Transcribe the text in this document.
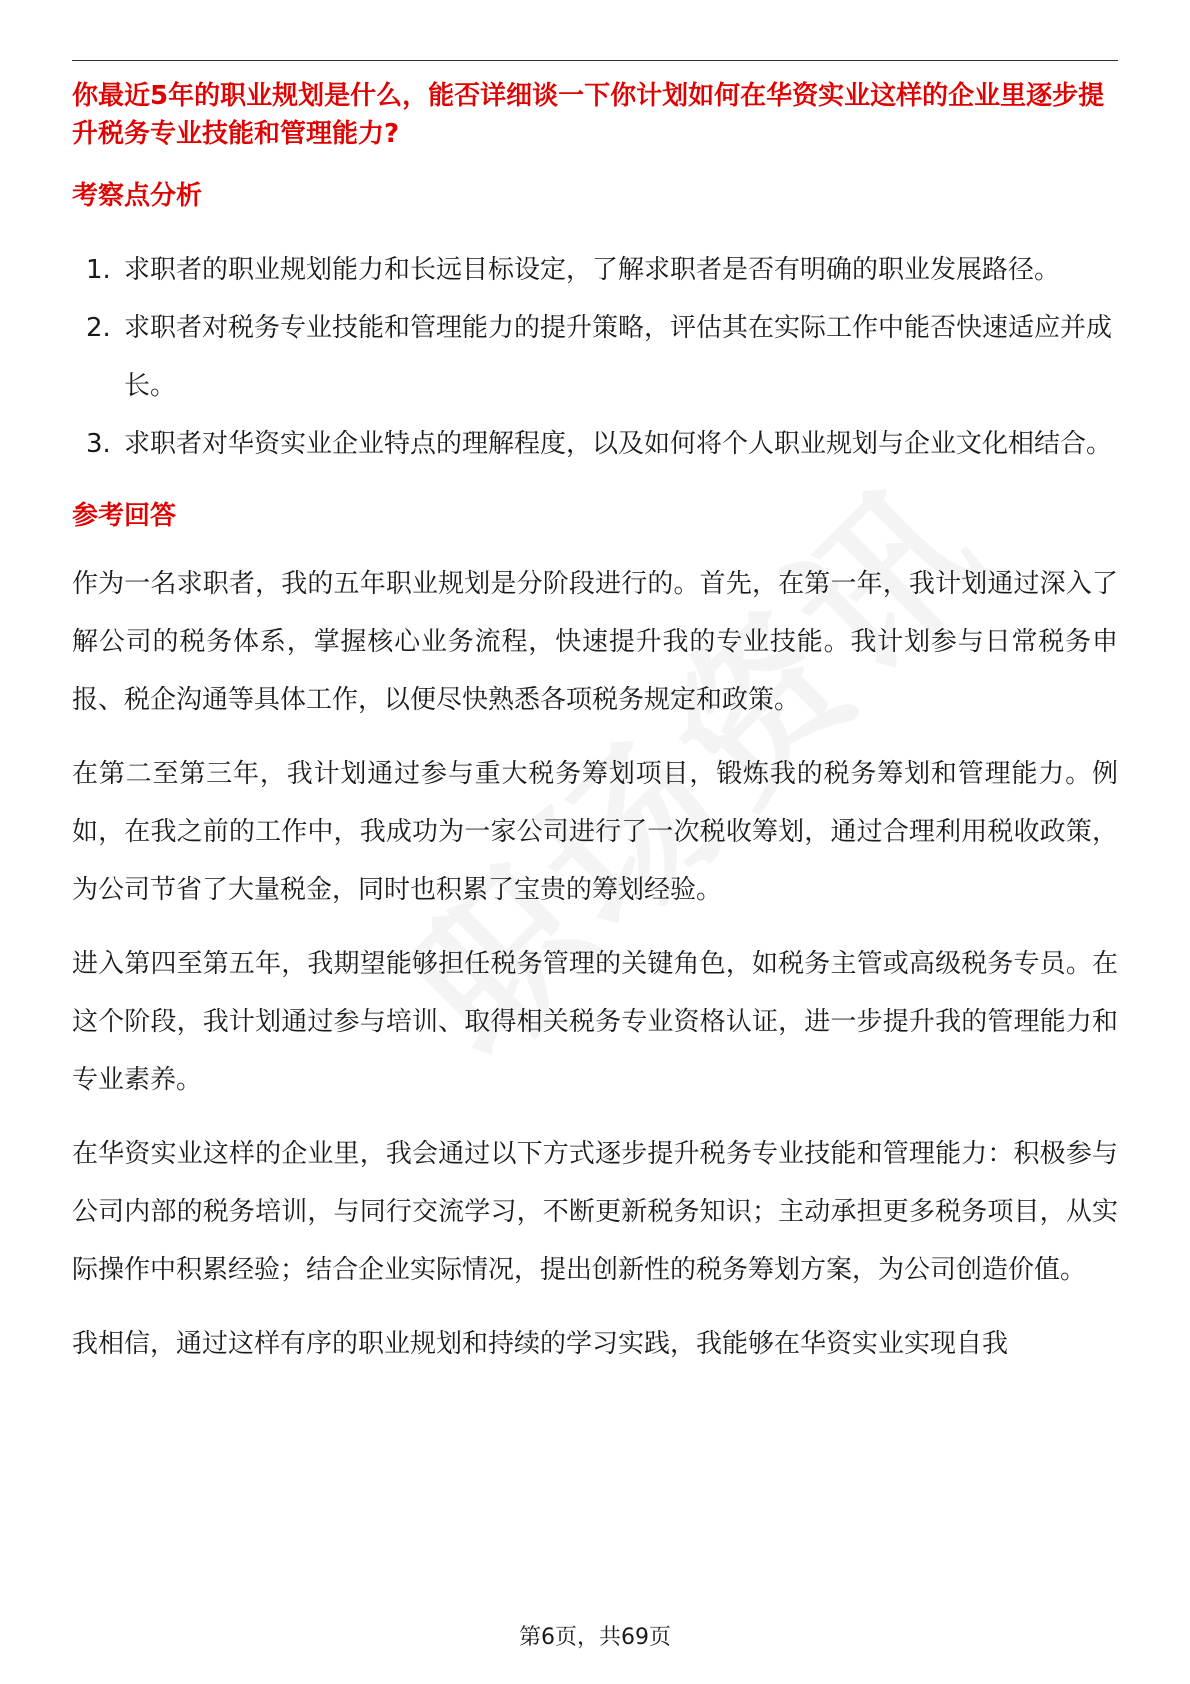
你最近5年的职业规划是什么，能否详细谈一下你计划如何在华资实业这样的企业里逐步提升税务专业技能和管理能力?

考察点分析

1. 求职者的职业规划能力和长远目标设定，了解求职者是否有明确的职业发展路径。
2. 求职者对税务专业技能和管理能力的提升策略，评估其在实际工作中能否快速适应并成长。
3. 求职者对华资实业企业特点的理解程度，以及如何将个人职业规划与企业文化相结合。

参考回答

作为一名求职者，我的五年职业规划是分阶段进行的。首先，在第一年，我计划通过深入了解公司的税务体系，掌握核心业务流程，快速提升我的专业技能。我计划参与日常税务申报、税企沟通等具体工作，以便尽快熟悉各项税务规定和政策。

在第二至第三年，我计划通过参与重大税务筹划项目，锻炼我的税务筹划和管理能力。例如，在我之前的工作中，我成功为一家公司进行了一次税收筹划，通过合理利用税收政策，为公司节省了大量税金，同时也积累了宝贵的筹划经验。

进入第四至第五年，我期望能够担任税务管理的关键角色，如税务主管或高级税务专员。在这个阶段，我计划通过参与培训、取得相关税务专业资格认证，进一步提升我的管理能力和专业素养。

在华资实业这样的企业里，我会通过以下方式逐步提升税务专业技能和管理能力：积极参与公司内部的税务培训，与同行交流学习，不断更新税务知识；主动承担更多税务项目，从实际操作中积累经验；结合企业实际情况，提出创新性的税务筹划方案，为公司创造价值。

我相信，通过这样有序的职业规划和持续的学习实践，我能够在华资实业实现自我

第6页，共69页
